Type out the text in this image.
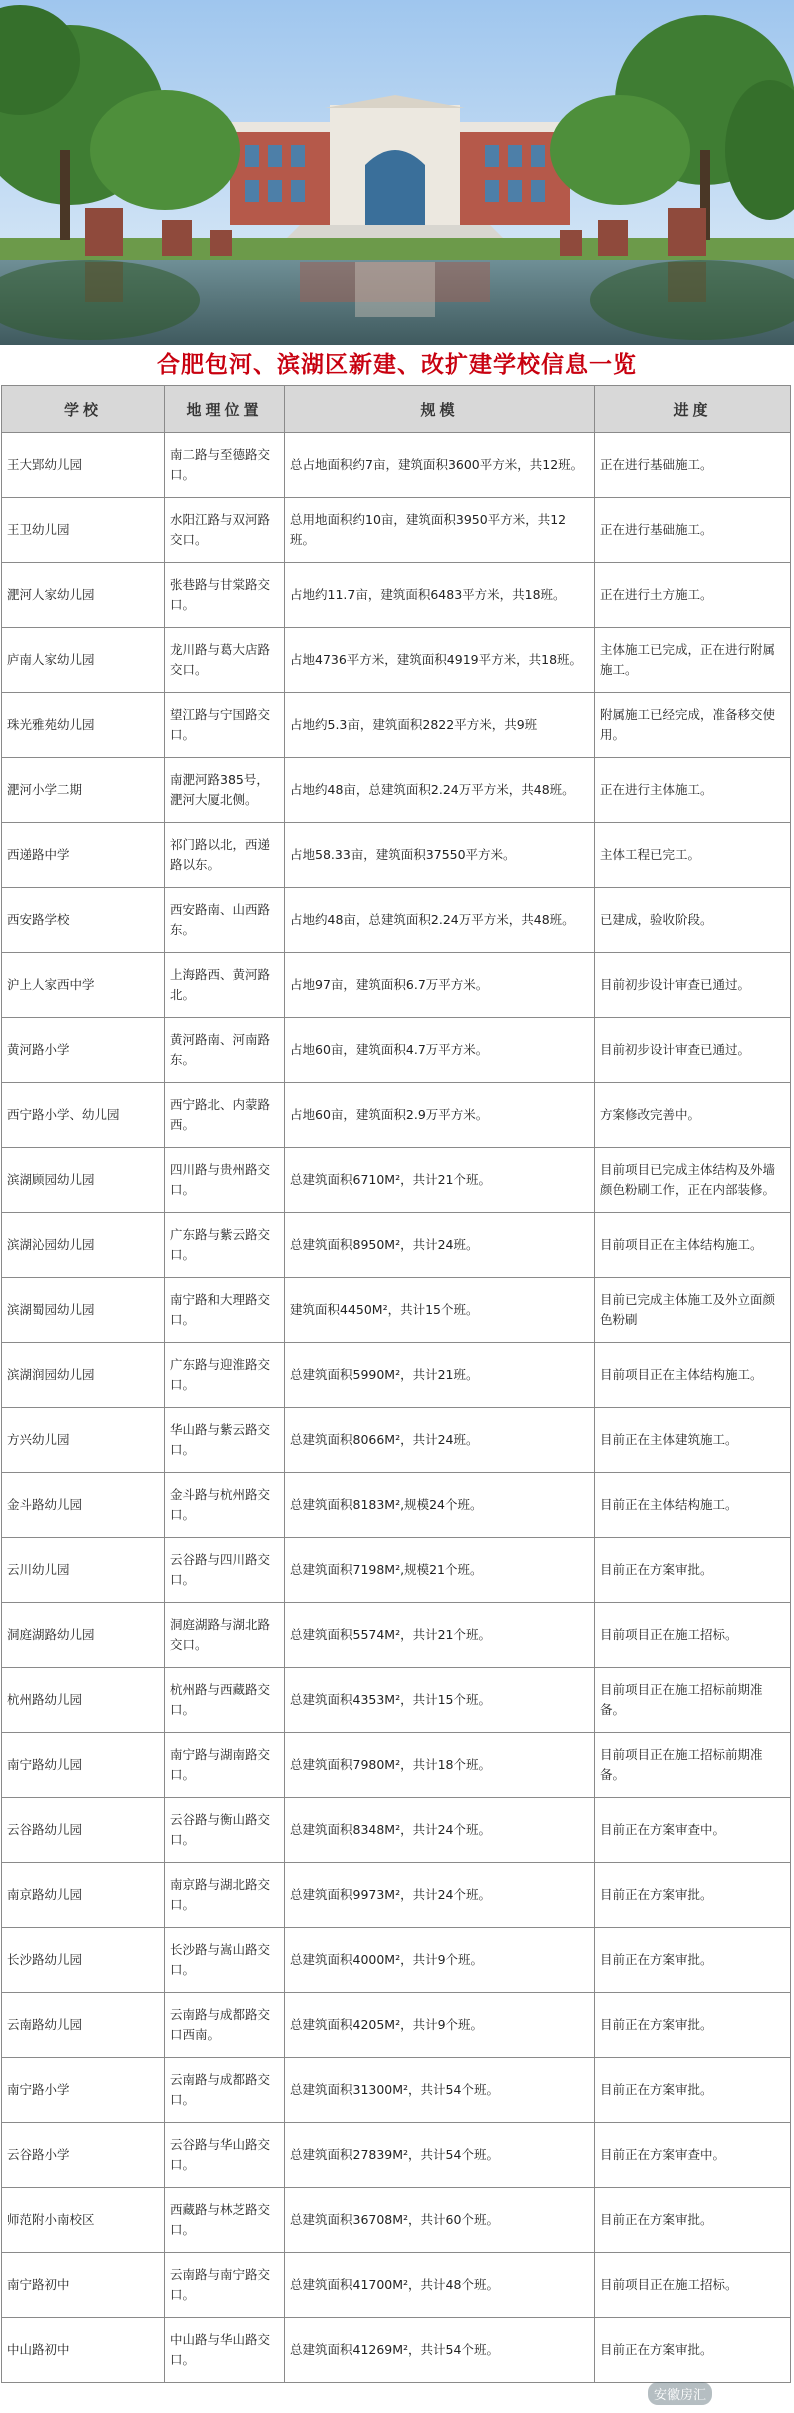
合肥包河、滨湖区新建、改扩建学校信息一览
学校	地理位置	规模	进度
王大郢幼儿园	南二路与至德路交口。	总占地面积约7亩，建筑面积3600平方米，共12班。	正在进行基础施工。
王卫幼儿园	水阳江路与双河路交口。	总用地面积约10亩，建筑面积3950平方米，共12班。	正在进行基础施工。
淝河人家幼儿园	张巷路与甘棠路交口。	占地约11.7亩，建筑面积6483平方米，共18班。	正在进行土方施工。
庐南人家幼儿园	龙川路与葛大店路交口。	占地4736平方米，建筑面积4919平方米，共18班。	主体施工已完成，正在进行附属施工。
珠光雅苑幼儿园	望江路与宁国路交口。	占地约5.3亩，建筑面积2822平方米，共9班	附属施工已经完成，准备移交使用。
淝河小学二期	南淝河路385号，淝河大厦北侧。	占地约48亩，总建筑面积2.24万平方米，共48班。	正在进行主体施工。
西递路中学	祁门路以北，西递路以东。	占地58.33亩，建筑面积37550平方米。	主体工程已完工。
西安路学校	西安路南、山西路东。	占地约48亩，总建筑面积2.24万平方米，共48班。	已建成，验收阶段。
沪上人家西中学	上海路西、黄河路北。	占地97亩，建筑面积6.7万平方米。	目前初步设计审查已通过。
黄河路小学	黄河路南、河南路东。	占地60亩，建筑面积4.7万平方米。	目前初步设计审查已通过。
西宁路小学、幼儿园	西宁路北、内蒙路西。	占地60亩，建筑面积2.9万平方米。	方案修改完善中。
滨湖顾园幼儿园	四川路与贵州路交口。	总建筑面积6710M²，共计21个班。	目前项目已完成主体结构及外墙颜色粉刷工作，正在内部装修。
滨湖沁园幼儿园	广东路与紫云路交口。	总建筑面积8950M²，共计24班。	目前项目正在主体结构施工。
滨湖蜀园幼儿园	南宁路和大理路交口。	建筑面积4450M²，共计15个班。	目前已完成主体施工及外立面颜色粉刷
滨湖润园幼儿园	广东路与迎淮路交口。	总建筑面积5990M²，共计21班。	目前项目正在主体结构施工。
方兴幼儿园	华山路与紫云路交口。	总建筑面积8066M²，共计24班。	目前正在主体建筑施工。
金斗路幼儿园	金斗路与杭州路交口。	总建筑面积8183M²,规模24个班。	目前正在主体结构施工。
云川幼儿园	云谷路与四川路交口。	总建筑面积7198M²,规模21个班。	目前正在方案审批。
洞庭湖路幼儿园	洞庭湖路与湖北路交口。	总建筑面积5574M²，共计21个班。	目前项目正在施工招标。
杭州路幼儿园	杭州路与西藏路交口。	总建筑面积4353M²，共计15个班。	目前项目正在施工招标前期准备。
南宁路幼儿园	南宁路与湖南路交口。	总建筑面积7980M²，共计18个班。	目前项目正在施工招标前期准备。
云谷路幼儿园	云谷路与衡山路交口。	总建筑面积8348M²，共计24个班。	目前正在方案审查中。
南京路幼儿园	南京路与湖北路交口。	总建筑面积9973M²，共计24个班。	目前正在方案审批。
长沙路幼儿园	长沙路与嵩山路交口。	总建筑面积4000M²，共计9个班。	目前正在方案审批。
云南路幼儿园	云南路与成都路交口西南。	总建筑面积4205M²，共计9个班。	目前正在方案审批。
南宁路小学	云南路与成都路交口。	总建筑面积31300M²，共计54个班。	目前正在方案审批。
云谷路小学	云谷路与华山路交口。	总建筑面积27839M²，共计54个班。	目前正在方案审查中。
师范附小南校区	西藏路与林芝路交口。	总建筑面积36708M²，共计60个班。	目前正在方案审批。
南宁路初中	云南路与南宁路交口。	总建筑面积41700M²，共计48个班。	目前项目正在施工招标。
中山路初中	中山路与华山路交口。	总建筑面积41269M²，共计54个班。	目前正在方案审批。
安徽房汇
